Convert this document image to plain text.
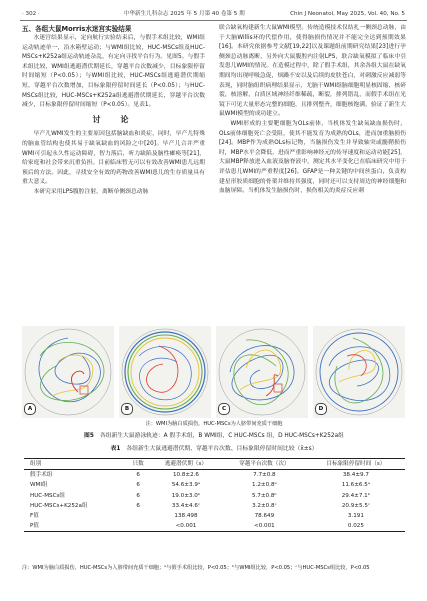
· 302 ·　　　　　　　　　　　　　　　	中华新生儿科杂志 2025 年 5 月第 40 卷第 5 期	Chin J Neonatol, May 2025, Vol. 40, No. 5
五、各组大鼠Morris水迷宫实验结果

水迷宫结果显示，定向航行实验结束后，与假手术组比较，WMI组运动轨迹单一，沿水箱壁运动；与WMI组比较，HUC-MSCs组及HUC-MSCs+K252a组运动轨迹杂乱，有定向寻找平台行为。见图5。与假手术组比较，WMI组逃避潜伏期延长，穿越平台次数减少，目标象限停留时间缩短（P<0.05）；与WMI组比较，HUC-MSCs组逃避潜伏期缩短，穿越平台次数增加，目标象限停留时间延长（P<0.05）；与HUC-MSCs组比较，HUC-MSCs+K252a组逃避潜伏期延长，穿越平台次数减少，目标象限停留时间缩短（P<0.05）。见表1。

讨　论

早产儿WMI发生的主要原因包括脑缺血和炎症，同时，早产儿特殊的脑血管结构也使其易于缺氧缺血的风险之中[20]。早产儿合并严重WMI可引起永久性运动障碍，智力落后，听力缺陷及脑性瘫痪等[21]，给家庭和社会带来沉重负担。目前临床暂无可以有效改善WMI患儿远期预后的方法。因此，寻找安全有效的药物改善WMI患儿的生存质量具有重大意义。

本研究采用LPS腹腔注射，离断单侧颈总动脉

联合缺氧构建新生大鼠WMI模型。传统造模技术仅结扎一侧颈总动脉，由于大脑Willis环的代偿作用，使得脑损伤情况并不能完全达到预期效果[16]。本研究依据参考文献[19,22]以及课题组前期研究结果[23]进行孕侧颈总动脉离断，另外向大鼠腹腔内注射LPS，联合缺氧模拟了临床中引发患儿WMI的情况。在造模过程中，除了假手术组，其余各组大鼠在缺氧期间均出现呼吸急促，烦躁不安以及后续的皮肤苍白，对刺激反应减弱等表现，同时脑组织病理结果显示，尤脑干WMI组脑细胞明显核固缩、核碎裂，核溶解，白质区域神经纤维稀疏，断裂，排列错乱，而假手术组在光镜下可见大量形态完整的细胞，且排列整齐，细胞核饱满，验证了新生大鼠WMI模型的成功建立。

WMI形成的主要靶细胞为OLs前体，当机体发生缺氧缺血损伤时，OLs前体细胞死亡会受阻，使其不能发育为成熟的OLs，进而加重脑损伤[24]。MBP作为成熟OLs标记物，当脑损伤发生并导致轴突或髓鞘损伤时，MBP水平会降低，进而严重影响神经元的传导速度和运动功能[25]，大鼠MBP释放进入血液及脑脊液中，测定其水平变化已在临床研究中用于评估患儿WMI的严重程度[26]。GFAP是一种关键的中间丝蛋白，负责构建星形胶质细胞的骨架并维持其强度，同时还可以支持周边的神经细胞和血脑屏障。当机体发生脑损伤时，损伤相关的炎症反应刺

A	B	C	D
注：WMI为脑白质损伤，HUC-MSCs为人脐带间充质干细胞
图5 各组新生大鼠游泳轨迹：A 假手术组，B WMI组，C HUC-MSCs 组，D HUC-MSCs+K252a组
表1 各组新生大鼠逃避潜伏期、穿越平台次数、目标象限停留时间比较（x̄±s）
组别	只数	逃避潜伏期（s）	穿越平台次数（次）	目标象限停留时间（s）
假手术组	6	10.8±2.6	7.7±0.8	38.4±9.7
WMI组	6	54.6±3.9ᵃ	1.2±0.8ᵃ	11.6±6.5ᵃ
HUC-MSCs组	6	19.0±3.0ᵇ	5.7±0.8ᵇ	29.4±7.1ᵇ
HUC-MSCs+K252a组	6	33.4±4.6ᶜ	3.2±0.8ᶜ	20.9±5.5ᶜ
F值		138.498	78.649	3.191
P值		<0.001	<0.001	0.025
注：WMI为脑白质损伤，HUC-MSCs为人脐带间充质干细胞；ᵃ与假手术组比较，P<0.05；ᵇ与WMI组比较，P<0.05；ᶜ与HUC-MSCs组比较，P<0.05
